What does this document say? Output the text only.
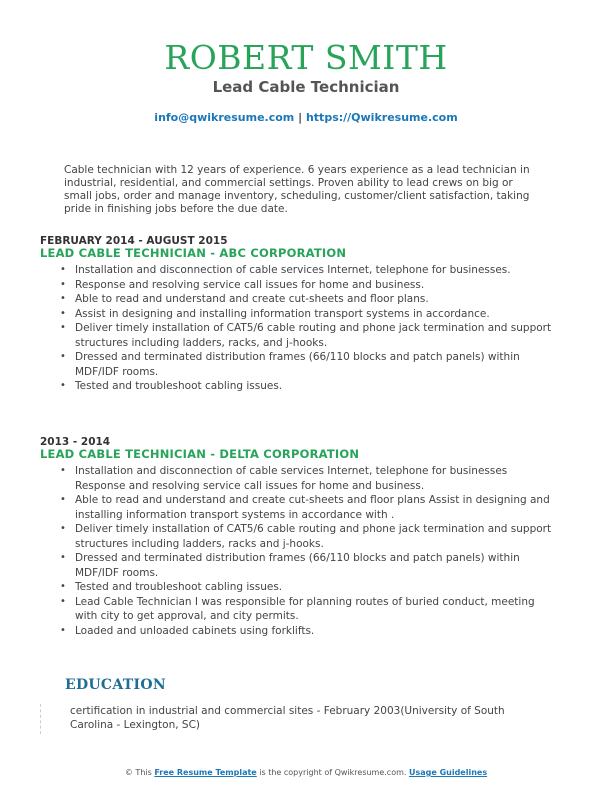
ROBERT SMITH
Lead Cable Technician
info@qwikresume.com | https://Qwikresume.com
Cable technician with 12 years of experience. 6 years experience as a lead technician in industrial, residential, and commercial settings. Proven ability to lead crews on big or small jobs, order and manage inventory, scheduling, customer/client satisfaction, taking pride in finishing jobs before the due date.
FEBRUARY 2014 - AUGUST 2015
LEAD CABLE TECHNICIAN - ABC CORPORATION
• Installation and disconnection of cable services Internet, telephone for businesses.
• Response and resolving service call issues for home and business.
• Able to read and understand and create cut-sheets and floor plans.
• Assist in designing and installing information transport systems in accordance.
• Deliver timely installation of CAT5/6 cable routing and phone jack termination and support structures including ladders, racks, and j-hooks.
• Dressed and terminated distribution frames (66/110 blocks and patch panels) within MDF/IDF rooms.
• Tested and troubleshoot cabling issues.
2013 - 2014
LEAD CABLE TECHNICIAN - DELTA CORPORATION
• Installation and disconnection of cable services Internet, telephone for businesses Response and resolving service call issues for home and business.
• Able to read and understand and create cut-sheets and floor plans Assist in designing and installing information transport systems in accordance with .
• Deliver timely installation of CAT5/6 cable routing and phone jack termination and support structures including ladders, racks and j-hooks.
• Dressed and terminated distribution frames (66/110 blocks and patch panels) within MDF/IDF rooms.
• Tested and troubleshoot cabling issues.
• Lead Cable Technician I was responsible for planning routes of buried conduct, meeting with city to get approval, and city permits.
• Loaded and unloaded cabinets using forklifts.
EDUCATION
certification in industrial and commercial sites - February 2003(University of South Carolina - Lexington, SC)
© This Free Resume Template is the copyright of Qwikresume.com. Usage Guidelines
